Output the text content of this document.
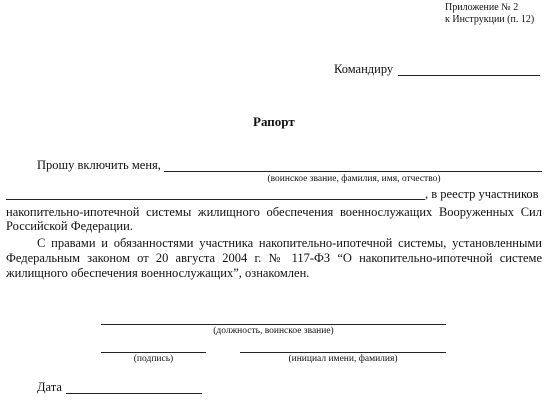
Приложение № 2
к Инструкции (п. 12)
Командиру
Рапорт
Прошу включить меня,
(воинское звание, фамилия, имя, отчество)
, в реестр участников
накопительно-ипотечной системы жилищного обеспечения военнослужащих Вооруженных Сил
Российской Федерации.
С правами и обязанностями участника накопительно-ипотечной системы, установленными
Федеральным законом от 20 августа 2004 г. № 117-ФЗ “О накопительно-ипотечной системе
жилищного обеспечения военнослужащих”, ознакомлен.
(должность, воинское звание)
(подпись)	(инициал имени, фамилия)
Дата
